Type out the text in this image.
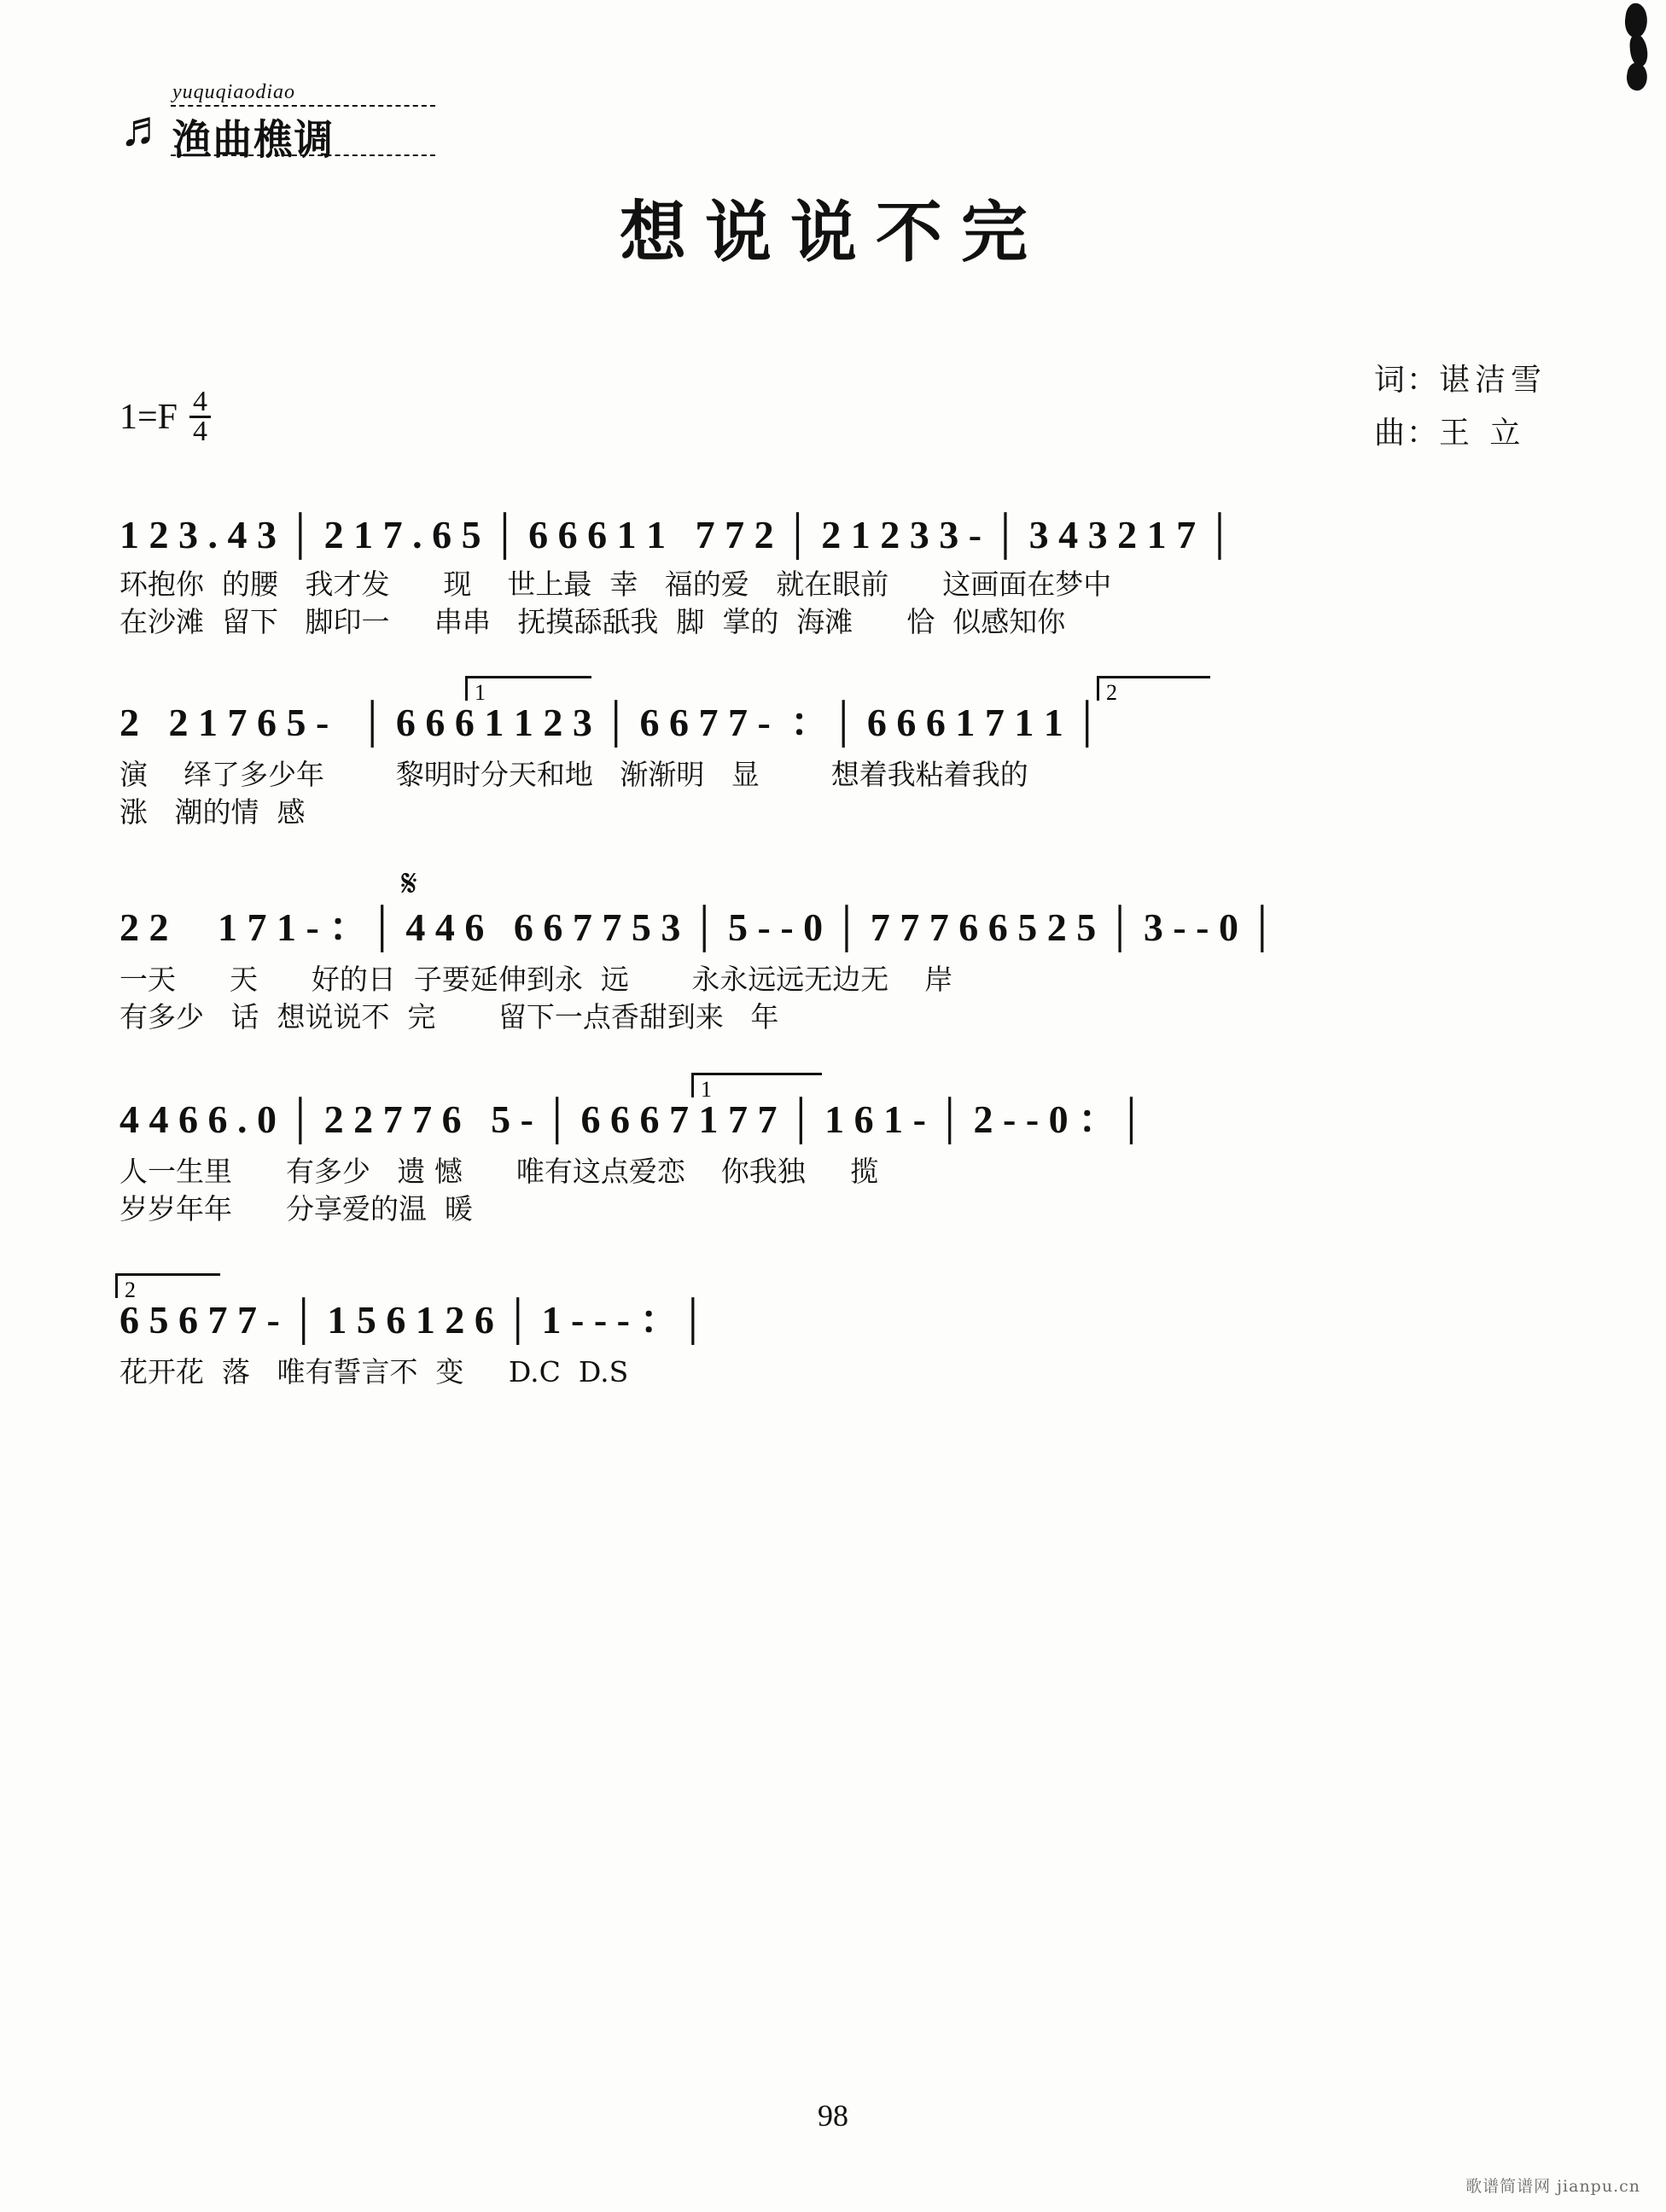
♬
yuquqiaodiao
渔曲樵调
想说说不完
词：谌洁雪
曲：王 立
$1=F \frac{4}{4}$
1 2 3 . 4 3 │ 2 1 7 . 6 5 │ 6 6 6 1 1   7 7 2 │ 2 1 2 3 3 - │ 3 4 3 2 1 7 │
环抱你  的腰   我才发      现    世上最  幸   福的爱   就在眼前      这画面在梦中
在沙滩  留下   脚印一     串串   抚摸舔舐我  脚  掌的  海滩      恰  似感知你
1	2
2   2 1 7 6 5 -   │ 6 6 6 1 1 2 3 │ 6 6 7 7 -  ：│ 6 6 6 1 7 1 1 │
演    绎了多少年        黎明时分天和地   渐渐明   显        想着我粘着我的
涨   潮的情  感
𝄋
2 2     1 7 1 - ：│ 4 4 6   6 6 7 7 5 3 │ 5 - - 0 │ 7 7 7 6 6 5 2 5 │ 3 - - 0 │
一天      天      好的日  子要延伸到永  远       永永远远无边无    岸
有多少   话  想说说不  完       留下一点香甜到来   年
1
4 4 6 6 . 0 │ 2 2 7 7 6   5 - │ 6 6 6 7 1 7 7 │ 1 6 1 - │ 2 - - 0 ：│
人一生里      有多少   遗 憾      唯有这点爱恋    你我独     揽
岁岁年年      分享爱的温  暖
2
6 5 6 7 7 - │ 1 5 6 1 2 6 │ 1 - - - ：│
花开花  落   唯有誓言不  变     D.C  D.S
98
歌谱简谱网 jianpu.cn
